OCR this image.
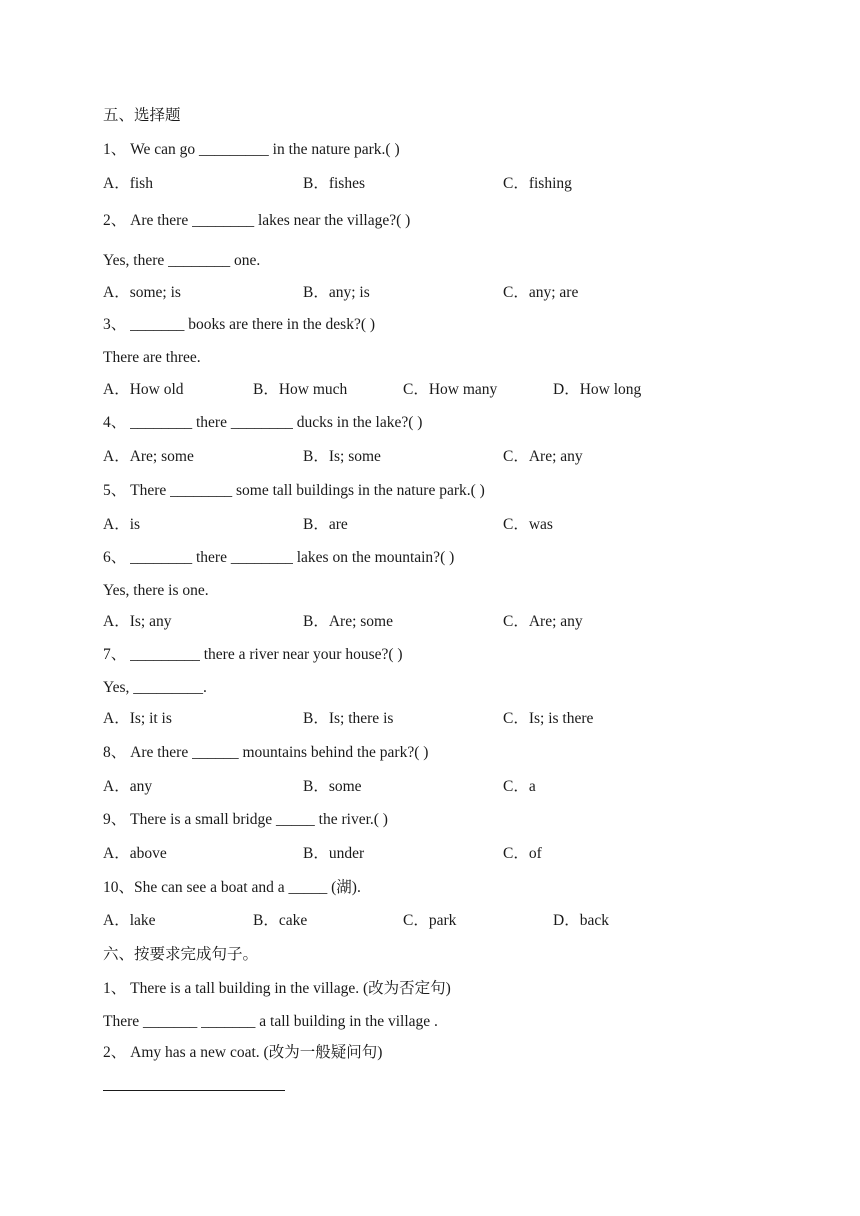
五、选择题
1、 We can go _________ in the nature park.( )
A．fish	B．fishes	C．fishing
2、 Are there ________ lakes near the village?( )
Yes, there ________ one.
A．some; is	B．any; is	C．any; are
3、 _______ books are there in the desk?( )
There are three.
A．How old	B．How much	C．How many	D．How long
4、 ________ there ________ ducks in the lake?( )
A．Are; some	B．Is; some	C．Are; any
5、 There ________ some tall buildings in the nature park.( )
A．is	B．are	C．was
6、 ________ there ________ lakes on the mountain?( )
Yes, there is one.
A．Is; any	B．Are; some	C．Are; any
7、 _________ there a river near your house?( )
Yes, _________.
A．Is; it is	B．Is; there is	C．Is; is there
8、 Are there ______ mountains behind the park?( )
A．any	B．some	C．a
9、 There is a small bridge _____ the river.( )
A．above	B．under	C．of
10、She can see a boat and a _____ (湖).
A．lake	B．cake	C．park	D．back
六、按要求完成句子。
1、 There is a tall building in the village. (改为否定句)
There _______ _______ a tall building in the village .
2、 Amy has a new coat. (改为一般疑问句)
